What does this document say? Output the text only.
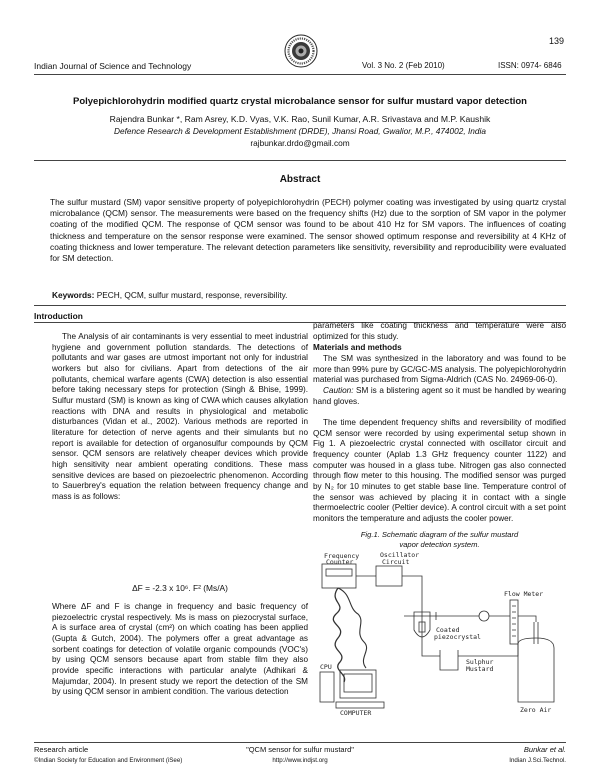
139
Indian Journal of Science and Technology	Vol. 3 No. 2 (Feb 2010)	ISSN: 0974- 6846
Polyepichlorohydrin modified quartz crystal microbalance sensor for sulfur mustard vapor detection
Rajendra Bunkar *, Ram Asrey, K.D. Vyas, V.K. Rao, Sunil Kumar, A.R. Srivastava and M.P. Kaushik
Defence Research & Development Establishment (DRDE), Jhansi Road, Gwalior, M.P., 474002, India
rajbunkar.drdo@gmail.com
Abstract

The sulfur mustard (SM) vapor sensitive property of polyepichlorohydrin (PECH) polymer coating was investigated by using quartz crystal microbalance (QCM) sensor. The measurements were based on the frequency shifts (Hz) due to the sorption of SM vapor in the polymer coating of the modified QCM. The response of QCM sensor was found to be about 410 Hz for SM vapors. The influences of coating thickness and temperature on the sensor response were examined. The sensor showed optimum response and reversibility at 4 KHz of coating thickness and lower temperature. The relevant detection parameters like sensitivity, reversibility and reproducibility were evaluated for SM detection.

Keywords: PECH, QCM, sulfur mustard, response, reversibility.
Introduction

The Analysis of air contaminants is very essential to meet industrial hygiene and government pollution standards. The detections of pollutants and war gases are utmost important not only for industrial workers but also for civilians. Apart from detections of the air pollutants, chemical warfare agents (CWA) detection is also essential before taking necessary steps for protection (Singh & Bhise, 1999). Sulfur mustard (SM) is known as king of CWA which causes alkylation reactions with DNA and results in physiological and metabolic disturbances (Vidan et al., 2002). Various methods are reported in literature for detection of nerve agents and their simulants but no report is available for detection of organosulfur compounds by QCM sensor. QCM sensors are relatively cheaper devices which provide high sensitivity near ambient operating conditions. These mass sensitive devices are based on piezoelectric phenomenon. According to Sauerbrey's equation the relation between frequency change and mass is as follows:

ΔF = -2.3 x 10⁶. F² (Ms/A)

Where ΔF and F is change in frequency and basic frequency of piezoelectric crystal respectively. Ms is mass on piezocrystal surface, A is surface area of crystal (cm²) on which coating has been applied (Gupta & Gutch, 2004). The polymers offer a great advantage as sorbent coatings for detection of volatile organic compounds (VOC's) by using QCM sensors because apart from stable film they also provide specific interactions with particular analyte (Adhikari & Majumdar, 2004). In present study we report the detection of the SM by using QCM sensor in ambient condition. The various detection

parameters like coating thickness and temperature were also optimized for this study.

Materials and methods

The SM was synthesized in the laboratory and was found to be more than 99% pure by GC/GC-MS analysis. The polyepichlorohydrin material was purchased from Sigma-Aldrich (CAS No. 24969-06-0).

Caution: SM is a blistering agent so it must be handled by wearing hand gloves.

The time dependent frequency shifts and reversibility of modified QCM sensor were recorded by using experimental setup shown in Fig 1. A piezoelectric crystal connected with oscillator circuit and frequency counter (Aplab 1.3 GHz frequency counter 1122) and computer was housed in a glass tube. Nitrogen gas also connected through flow meter to this housing. The modified sensor was purged by N₂ for 10 minutes to get stable base line. Temperature control of the sensor was achieved by placing it in contact with a single thermoelectric cooler (Peltier device). A control circuit with a set point monitors the temperature and adjusts the cooler power.

Fig.1. Schematic diagram of the sulfur mustard
vapor detection system.
Frequency
Counter
Oscillator
Circuit
CPU
COMPUTER
Flow Meter
Coated
piezocrystal
Sulphur
Mustard
Zero Air
Research article
©Indian Society for Education and Environment (iSee)
"QCM sensor for sulfur mustard"
http://www.indjst.org
Bunkar et al.
Indian J.Sci.Technol.
